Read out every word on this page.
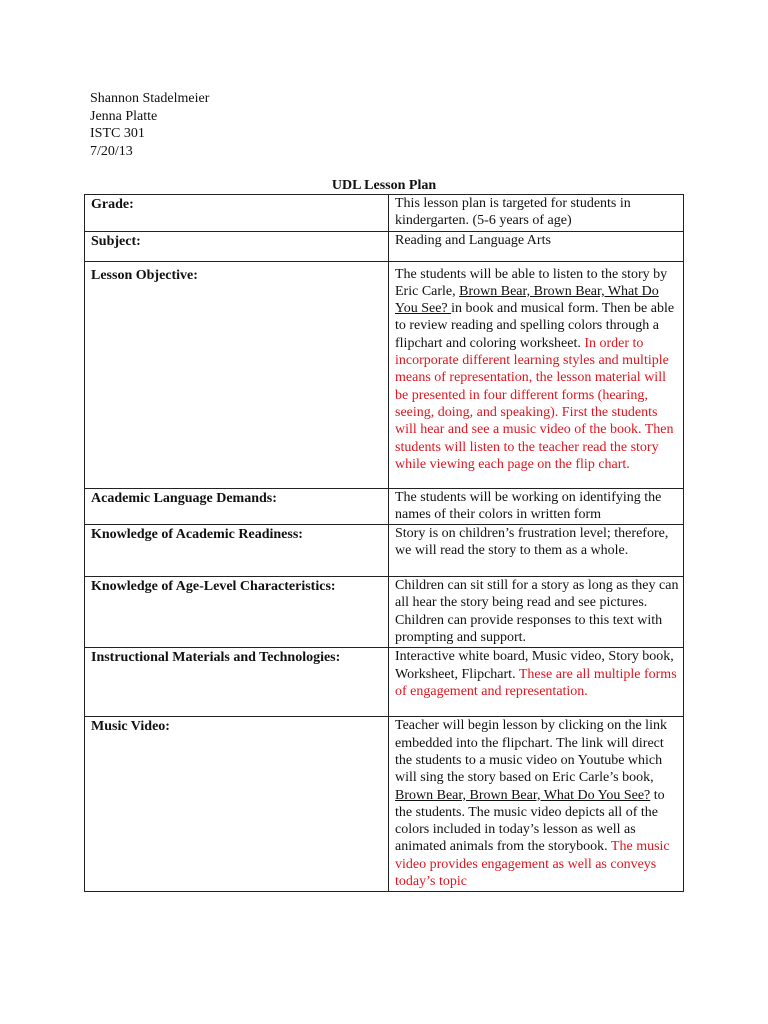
Shannon Stadelmeier
Jenna Platte
ISTC 301
7/20/13
UDL Lesson Plan
Grade:	This lesson plan is targeted for students in kindergarten. (5-6 years of age)
Subject:	Reading and Language Arts
Lesson Objective:	The students will be able to listen to the story by Eric Carle, Brown Bear, Brown Bear, What Do You See? in book and musical form. Then be able to review reading and spelling colors through a flipchart and coloring worksheet. In order to incorporate different learning styles and multiple means of representation, the lesson material will be presented in four different forms (hearing, seeing, doing, and speaking). First the students will hear and see a music video of the book. Then students will listen to the teacher read the story while viewing each page on the flip chart.
Academic Language Demands:	The students will be working on identifying the names of their colors in written form
Knowledge of Academic Readiness:	Story is on children’s frustration level; therefore, we will read the story to them as a whole.
Knowledge of Age-Level Characteristics:	Children can sit still for a story as long as they can all hear the story being read and see pictures. Children can provide responses to this text with prompting and support.
Instructional Materials and Technologies:	Interactive white board, Music video, Story book, Worksheet, Flipchart. These are all multiple forms of engagement and representation.
Music Video:	Teacher will begin lesson by clicking on the link embedded into the flipchart. The link will direct the students to a music video on Youtube which will sing the story based on Eric Carle’s book, Brown Bear, Brown Bear, What Do You See? to the students. The music video depicts all of the colors included in today’s lesson as well as animated animals from the storybook. The music video provides engagement as well as conveys today’s topic
